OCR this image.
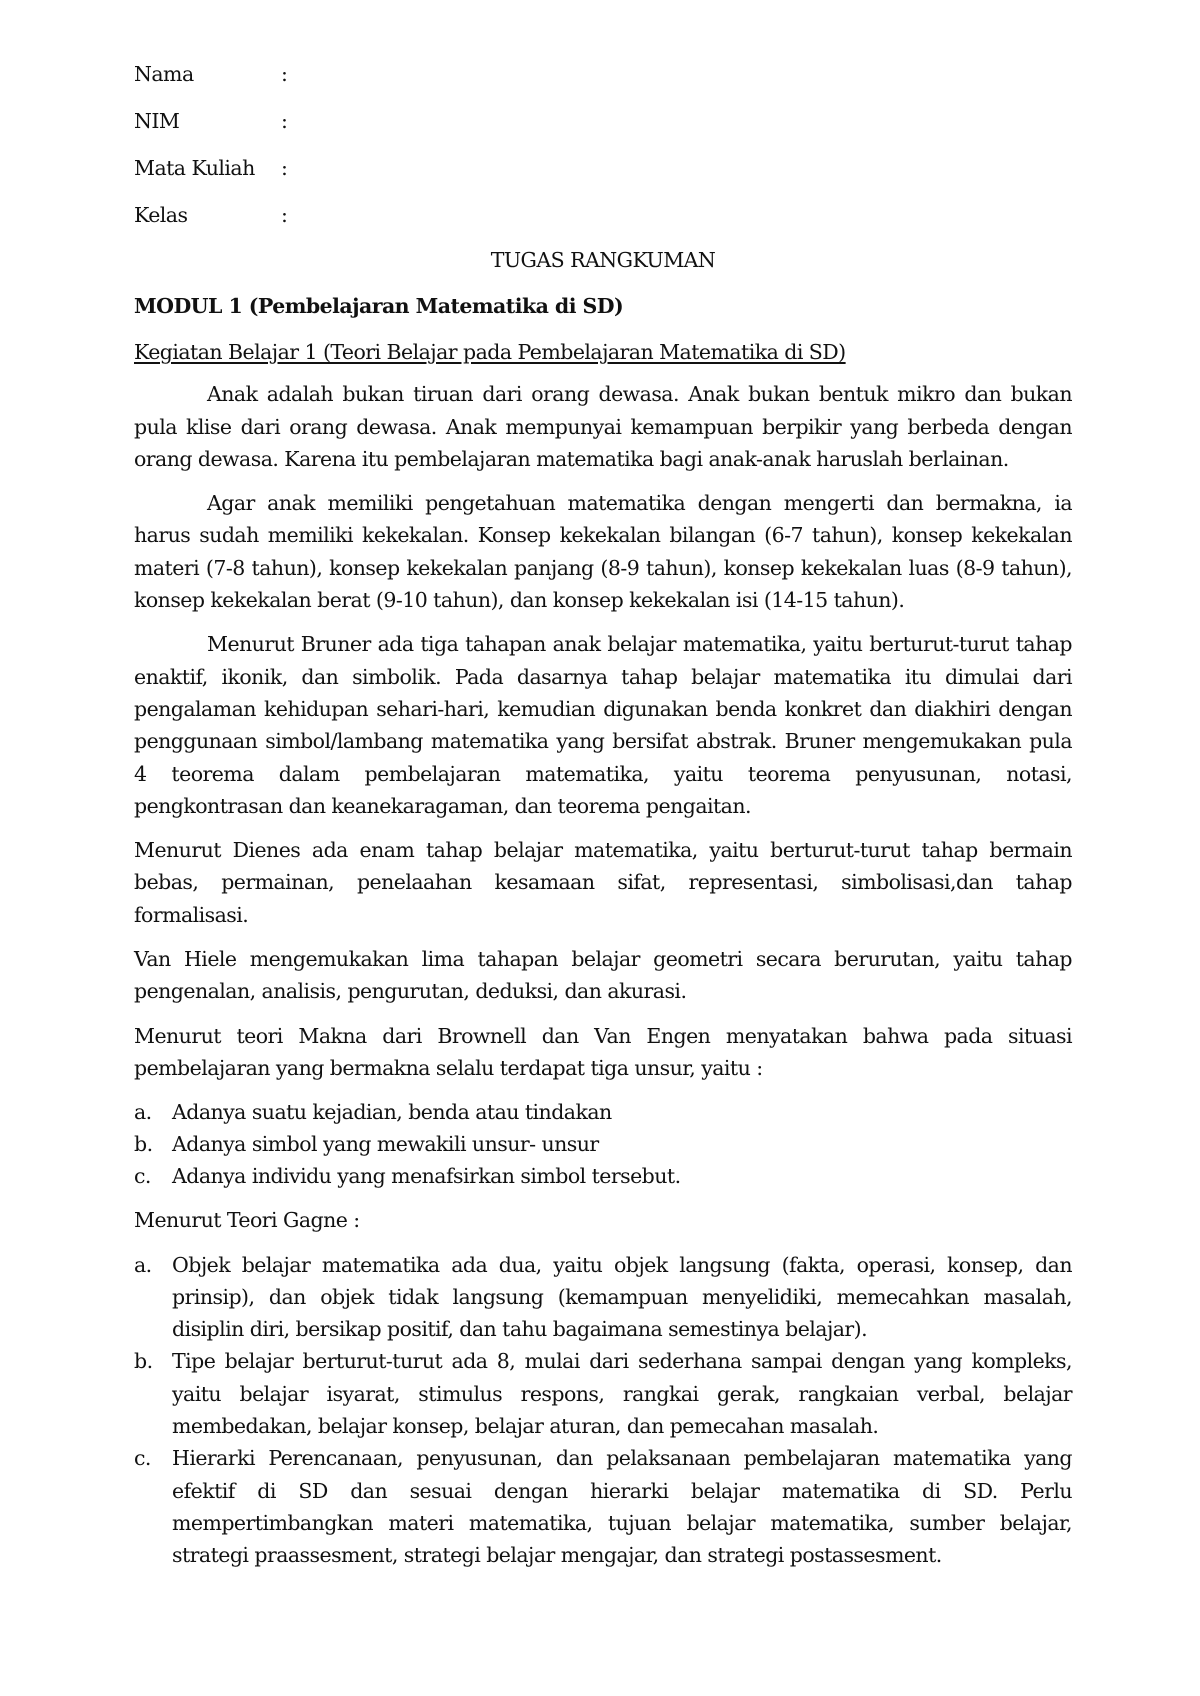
Nama	:
NIM	:
Mata Kuliah	:
Kelas	:
TUGAS RANGKUMAN
MODUL 1 (Pembelajaran Matematika di SD)
Kegiatan Belajar 1 (Teori Belajar pada Pembelajaran Matematika di SD)

Anak adalah bukan tiruan dari orang dewasa. Anak bukan bentuk mikro dan bukan pula klise dari orang dewasa. Anak mempunyai kemampuan berpikir yang berbeda dengan orang dewasa. Karena itu pembelajaran matematika bagi anak-anak haruslah berlainan.

Agar anak memiliki pengetahuan matematika dengan mengerti dan bermakna, ia harus sudah memiliki kekekalan. Konsep kekekalan bilangan (6-7 tahun), konsep kekekalan materi (7-8 tahun), konsep kekekalan panjang (8-9 tahun), konsep kekekalan luas (8-9 tahun), konsep kekekalan berat (9-10 tahun), dan konsep kekekalan isi (14-15 tahun).

Menurut Bruner ada tiga tahapan anak belajar matematika, yaitu berturut-turut tahap enaktif, ikonik, dan simbolik. Pada dasarnya tahap belajar matematika itu dimulai dari pengalaman kehidupan sehari-hari, kemudian digunakan benda konkret dan diakhiri dengan penggunaan simbol/lambang matematika yang bersifat abstrak. Bruner mengemukakan pula 4 teorema dalam pembelajaran matematika, yaitu teorema penyusunan, notasi, pengkontrasan dan keanekaragaman, dan teorema pengaitan.

Menurut Dienes ada enam tahap belajar matematika, yaitu berturut-turut tahap bermain bebas, permainan, penelaahan kesamaan sifat, representasi, simbolisasi,dan tahap formalisasi.

Van Hiele mengemukakan lima tahapan belajar geometri secara berurutan, yaitu tahap pengenalan, analisis, pengurutan, deduksi, dan akurasi.

Menurut teori Makna dari Brownell dan Van Engen menyatakan bahwa pada situasi pembelajaran yang bermakna selalu terdapat tiga unsur, yaitu :

a. Adanya suatu kejadian, benda atau tindakan
b. Adanya simbol yang mewakili unsur- unsur
c.	Adanya individu yang menafsirkan simbol tersebut.

Menurut Teori Gagne :

a. Objek belajar matematika ada dua, yaitu objek langsung (fakta, operasi, konsep, dan prinsip), dan objek tidak langsung (kemampuan menyelidiki, memecahkan masalah, disiplin diri, bersikap positif, dan tahu bagaimana semestinya belajar).
b. Tipe belajar berturut-turut ada 8, mulai dari sederhana sampai dengan yang kompleks, yaitu belajar isyarat, stimulus respons, rangkai gerak, rangkaian verbal, belajar membedakan, belajar konsep, belajar aturan, dan pemecahan masalah.
c.	Hierarki Perencanaan, penyusunan, dan pelaksanaan pembelajaran matematika yang efektif di SD dan sesuai dengan hierarki belajar matematika di SD. Perlu mempertimbangkan materi matematika, tujuan belajar matematika, sumber belajar, strategi praassesment, strategi belajar mengajar, dan strategi postassesment.
